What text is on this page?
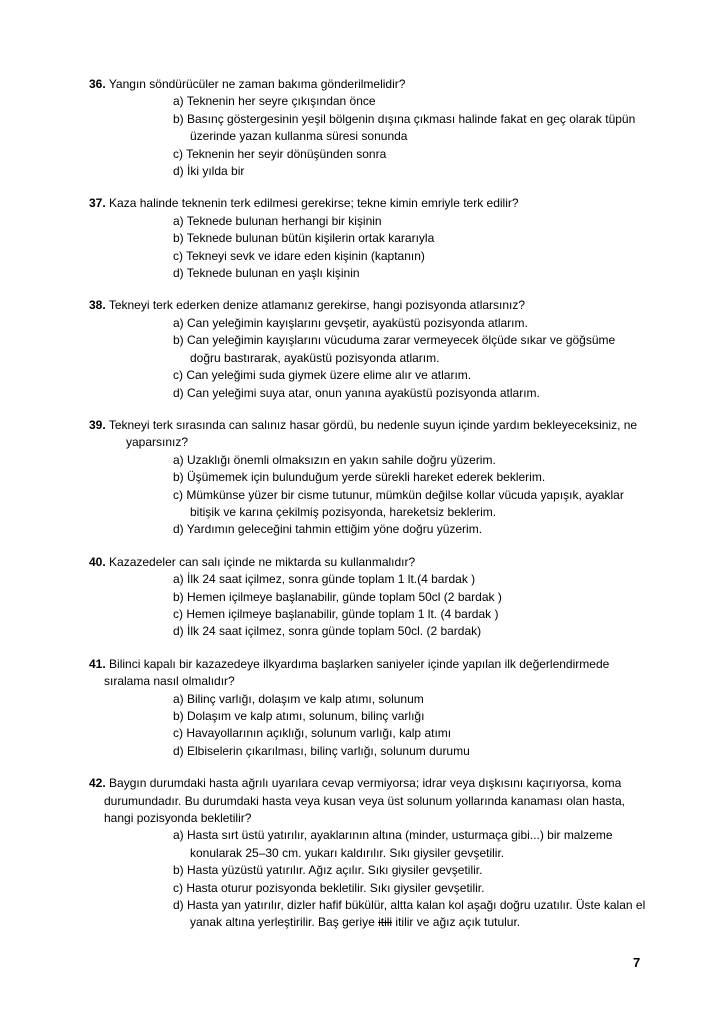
36. Yangın söndürücüler ne zaman bakıma gönderilmelidir?
a) Teknenin her seyre çıkışından önce
b) Basınç göstergesinin yeşil bölgenin dışına çıkması halinde fakat en geç olarak tüpün üzerinde yazan kullanma süresi sonunda
c) Teknenin her seyir dönüşünden sonra
d) İki yılda bir
37. Kaza halinde teknenin terk edilmesi gerekirse; tekne kimin emriyle terk edilir?
a) Teknede bulunan herhangi bir kişinin
b) Teknede bulunan bütün kişilerin ortak kararıyla
c) Tekneyi sevk ve idare eden kişinin (kaptanın)
d) Teknede bulunan en yaşlı kişinin
38. Tekneyi terk ederken denize atlamanız gerekirse, hangi pozisyonda atlarsınız?
a) Can yeleğimin kayışlarını gevşetir, ayaküstü pozisyonda atlarım.
b) Can yeleğimin kayışlarını vücuduma zarar vermeyecek ölçüde sıkar ve göğsüme doğru bastırarak, ayaküstü pozisyonda atlarım.
c) Can yeleğimi suda giymek üzere elime alır ve atlarım.
d) Can yeleğimi suya atar, onun yanına ayaküstü pozisyonda atlarım.
39. Tekneyi terk sırasında can salınız hasar gördü, bu nedenle suyun içinde yardım bekleyeceksiniz, ne yaparsınız?
a) Uzaklığı önemli olmaksızın en yakın sahile doğru yüzerim.
b) Üşümemek için bulunduğum yerde sürekli hareket ederek beklerim.
c) Mümkünse yüzer bir cisme tutunur, mümkün değilse kollar vücuda yapışık, ayaklar bitişik ve karına çekilmiş pozisyonda, hareketsiz beklerim.
d) Yardımın geleceğini tahmin ettiğim yöne doğru yüzerim.
40. Kazazedeler can salı içinde ne miktarda su kullanmalıdır?
a) İlk 24 saat içilmez, sonra günde toplam 1 lt.(4 bardak )
b) Hemen içilmeye başlanabilir, günde toplam 50cl (2 bardak )
c) Hemen içilmeye başlanabilir, günde toplam 1 lt. (4 bardak )
d) İlk 24 saat içilmez, sonra günde toplam 50cl. (2 bardak)
41. Bilinci kapalı bir kazazedeye ilkyardıma başlarken saniyeler içinde yapılan ilk değerlendirmede sıralama nasıl olmalıdır?
a) Bilinç varlığı, dolaşım ve kalp atımı, solunum
b) Dolaşım ve kalp atımı, solunum, bilinç varlığı
c) Havayollarının açıklığı, solunum varlığı, kalp atımı
d) Elbiselerin çıkarılması, bilinç varlığı, solunum durumu
42. Baygın durumdaki hasta ağrılı uyarılara cevap vermiyorsa; idrar veya dışkısını kaçırıyorsa, koma durumundadır. Bu durumdaki hasta veya kusan veya üst solunum yollarında kanaması olan hasta, hangi pozisyonda bekletilir?
a) Hasta sırt üstü yatırılır, ayaklarının altına (minder, usturmaça gibi...) bir malzeme konularak 25–30 cm. yukarı kaldırılır. Sıkı giysiler gevşetilir.
b) Hasta yüzüstü yatırılır. Ağız açılır. Sıkı giysiler gevşetilir.
c) Hasta oturur pozisyonda bekletilir. Sıkı giysiler gevşetilir.
d) Hasta yan yatırılır, dizler hafif bükülür, altta kalan kol aşağı doğru uzatılır. Üste kalan el yanak altına yerleştirilir. Baş geriye itili itilir ve ağız açık tutulur.
7
